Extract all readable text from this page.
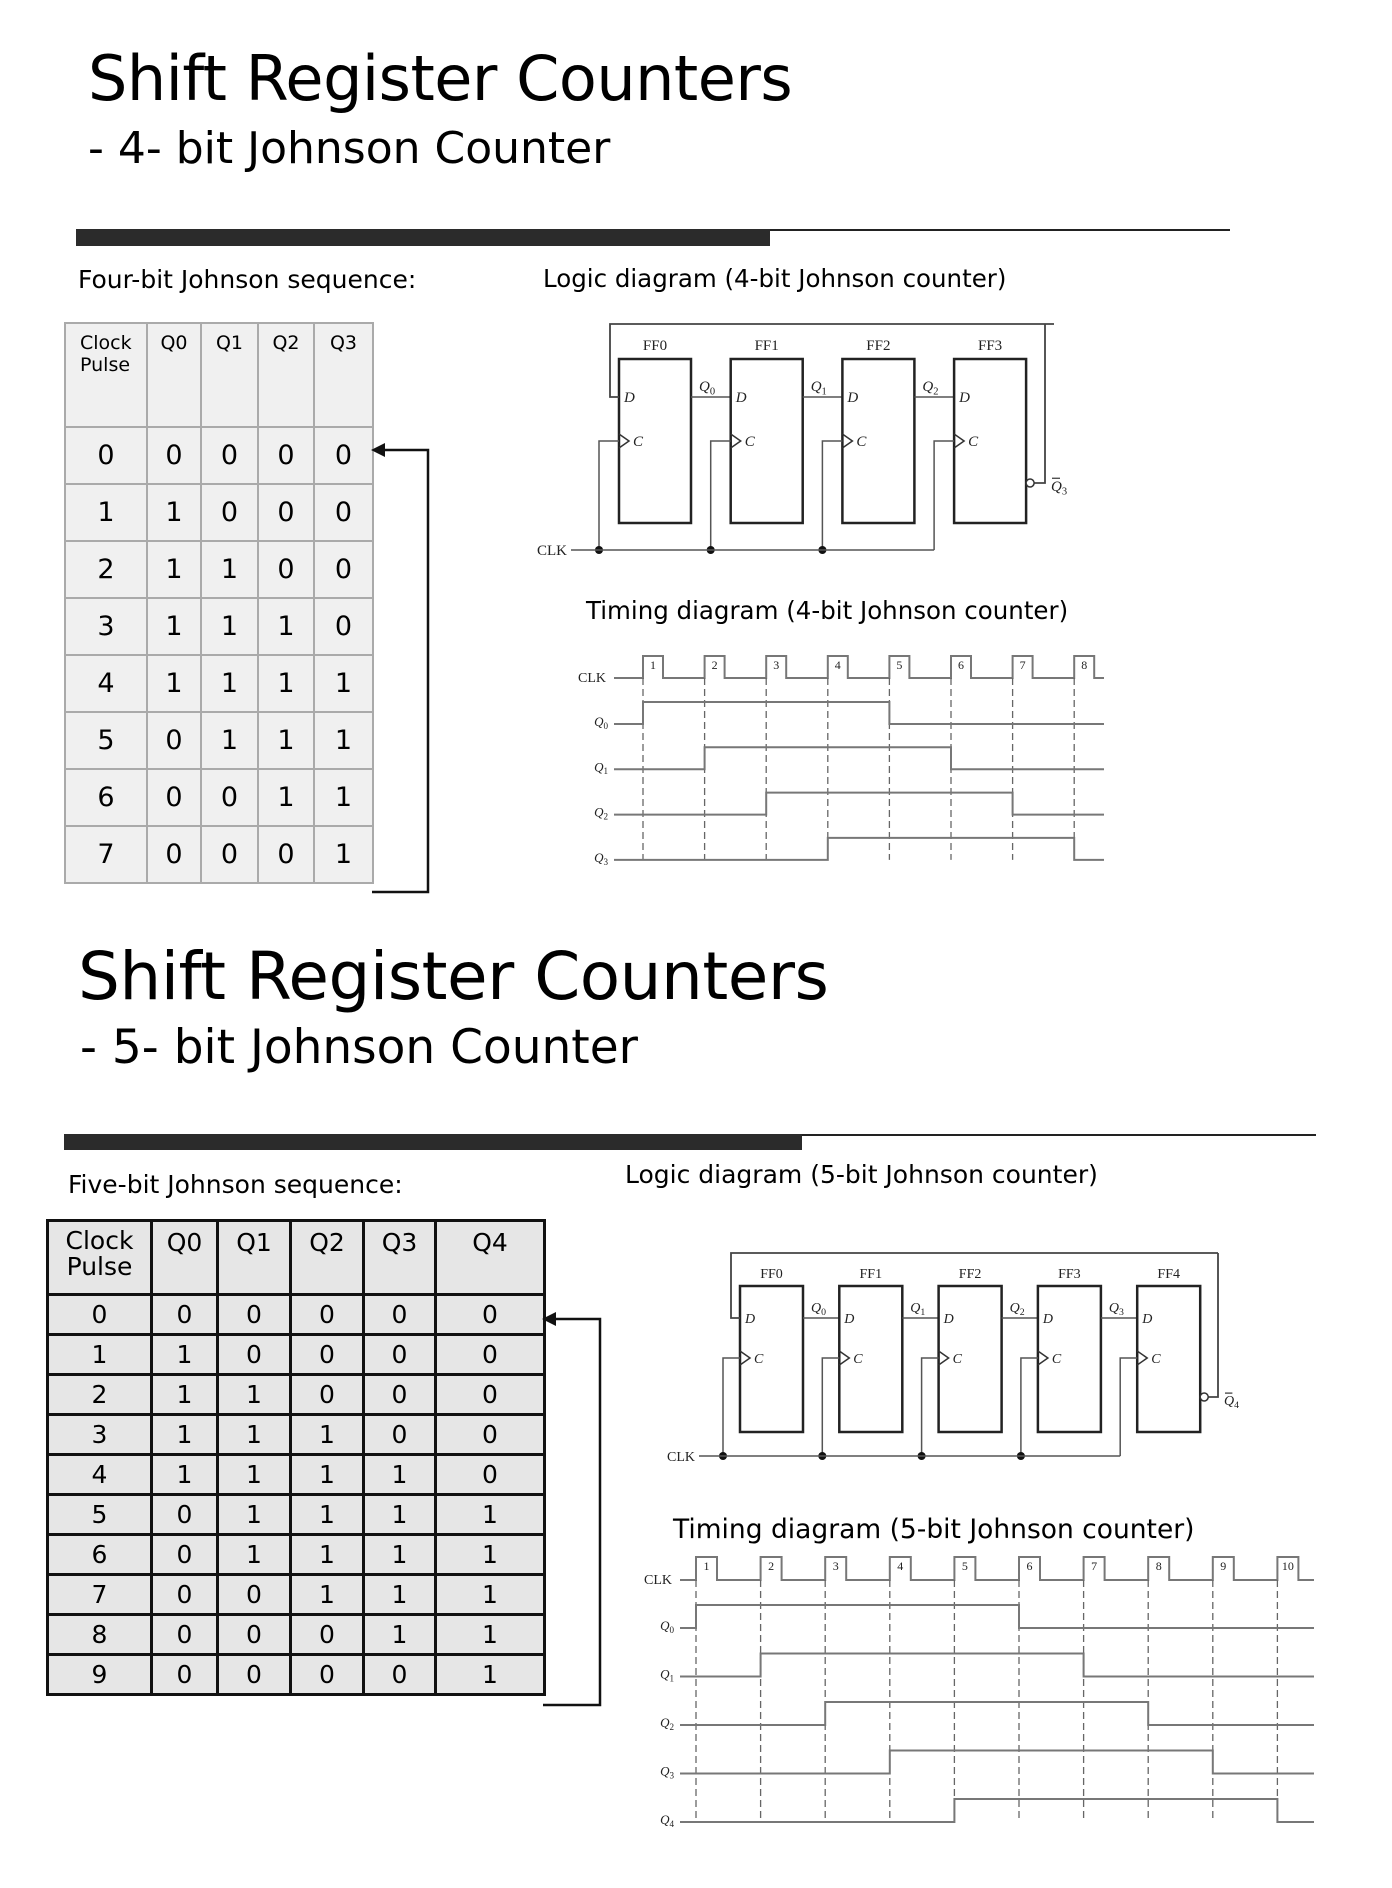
Shift Register Counters
- 4- bit Johnson Counter
Four-bit Johnson sequence:	Logic diagram (4-bit Johnson counter)
Timing diagram (4-bit Johnson counter)
Clock Pulse	Q0	Q1	Q2	Q3
0	0	0	0	0
1	1	0	0	0
2	1	1	0	0
3	1	1	1	0
4	1	1	1	1
5	0	1	1	1
6	0	0	1	1
7	0	0	0	1
Shift Register Counters
- 5- bit Johnson Counter
Five-bit Johnson sequence:	Logic diagram (5-bit Johnson counter)
Timing diagram (5-bit Johnson counter)
Clock Pulse	Q0	Q1	Q2	Q3	Q4
0	0	0	0	0	0
1	1	0	0	0	0
2	1	1	0	0	0
3	1	1	1	0	0
4	1	1	1	1	0
5	0	1	1	1	1
6	0	1	1	1	1
7	0	0	1	1	1
8	0	0	0	1	1
9	0	0	0	0	1
FF0
D
C
$Q_0$
FF1
D
C
$Q_1$
FF2
D
C
$Q_2$
FF3
D
C
CLK
$Q_3$
CLK
1	2	3	4	5	6	7	8
$Q_0$
$Q_1$
$Q_2$
$Q_3$
FF0
D
C
$Q_0$
FF1
D
C
$Q_1$
FF2
D
C
$Q_2$
FF3
D
C
$Q_3$
FF4
D
C
CLK
$Q_4$
CLK
1	2	3	4	5	6	7	8	9	10
$Q_0$
$Q_1$
$Q_2$
$Q_3$
$Q_4$
